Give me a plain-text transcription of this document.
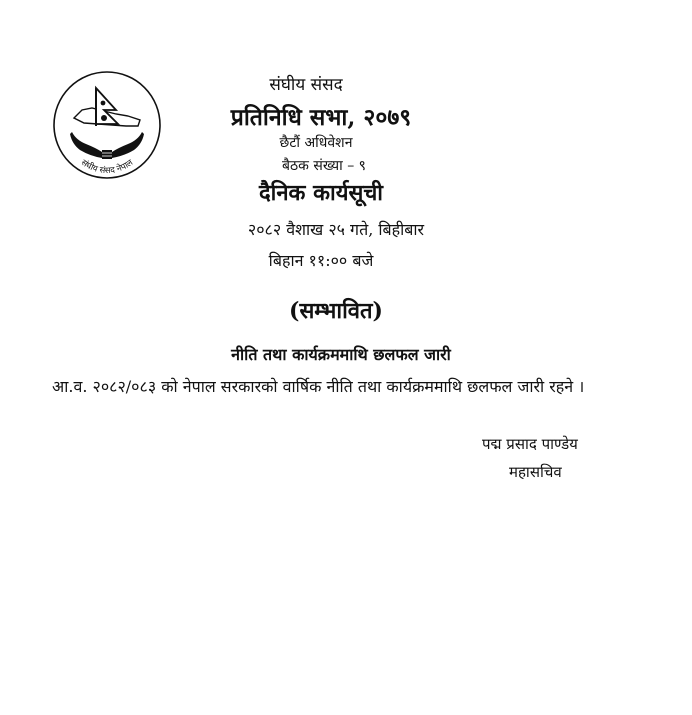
संघीय संसद नेपाल
संघीय संसद
प्रतिनिधि सभा, २०७९
छैटौं अधिवेशन
बैठक संख्या – ९
दैनिक कार्यसूची
२०८२ वैशाख २५ गते, बिहीबार
बिहान ११:०० बजे
(सम्भावित)
नीति तथा कार्यक्रममाथि छलफल जारी
आ.व. २०८२/०८३ को नेपाल सरकारको वार्षिक नीति तथा कार्यक्रममाथि छलफल जारी रहने ।
पद्म प्रसाद पाण्डेय
महासचिव
